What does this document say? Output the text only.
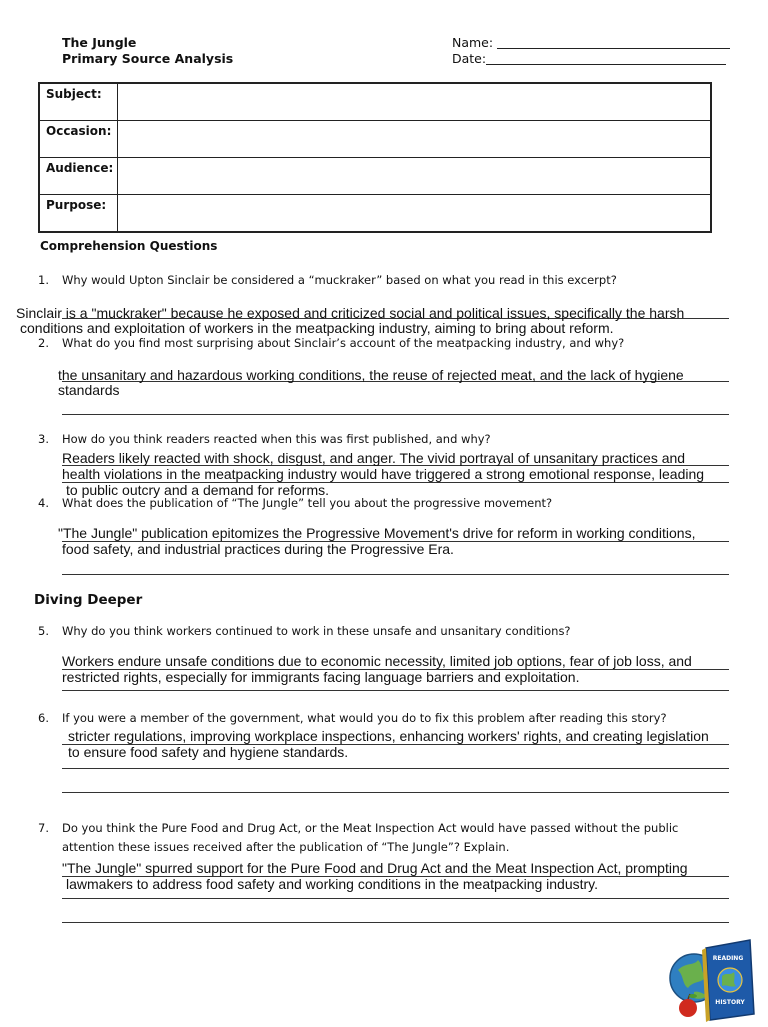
The Jungle
Primary Source Analysis
Name:
Date:
Subject:	
Occasion:	
Audience:	
Purpose:	
Comprehension Questions
1.	Why would Upton Sinclair be considered a “muckraker” based on what you read in this excerpt?
Sinclair is a "muckraker" because he exposed and criticized social and political issues, specifically the harsh
conditions and exploitation of workers in the meatpacking industry, aiming to bring about reform.
2.	What do you find most surprising about Sinclair’s account of the meatpacking industry, and why?
the unsanitary and hazardous working conditions, the reuse of rejected meat, and the lack of hygiene
standards
3.	How do you think readers reacted when this was first published, and why?
Readers likely reacted with shock, disgust, and anger. The vivid portrayal of unsanitary practices and
health violations in the meatpacking industry would have triggered a strong emotional response, leading
to public outcry and a demand for reforms.
4.	What does the publication of “The Jungle” tell you about the progressive movement?
"The Jungle" publication epitomizes the Progressive Movement's drive for reform in working conditions,
food safety, and industrial practices during the Progressive Era.
Diving Deeper
5.	Why do you think workers continued to work in these unsafe and unsanitary conditions?
Workers endure unsafe conditions due to economic necessity, limited job options, fear of job loss, and
restricted rights, especially for immigrants facing language barriers and exploitation.
6.	If you were a member of the government, what would you do to fix this problem after reading this story?
stricter regulations, improving workplace inspections, enhancing workers' rights, and creating legislation
to ensure food safety and hygiene standards.
7.	Do you think the Pure Food and Drug Act, or the Meat Inspection Act would have passed without the public
attention these issues received after the publication of “The Jungle”? Explain.
"The Jungle" spurred support for the Pure Food and Drug Act and the Meat Inspection Act, prompting
lawmakers to address food safety and working conditions in the meatpacking industry.
READING
HISTORY
